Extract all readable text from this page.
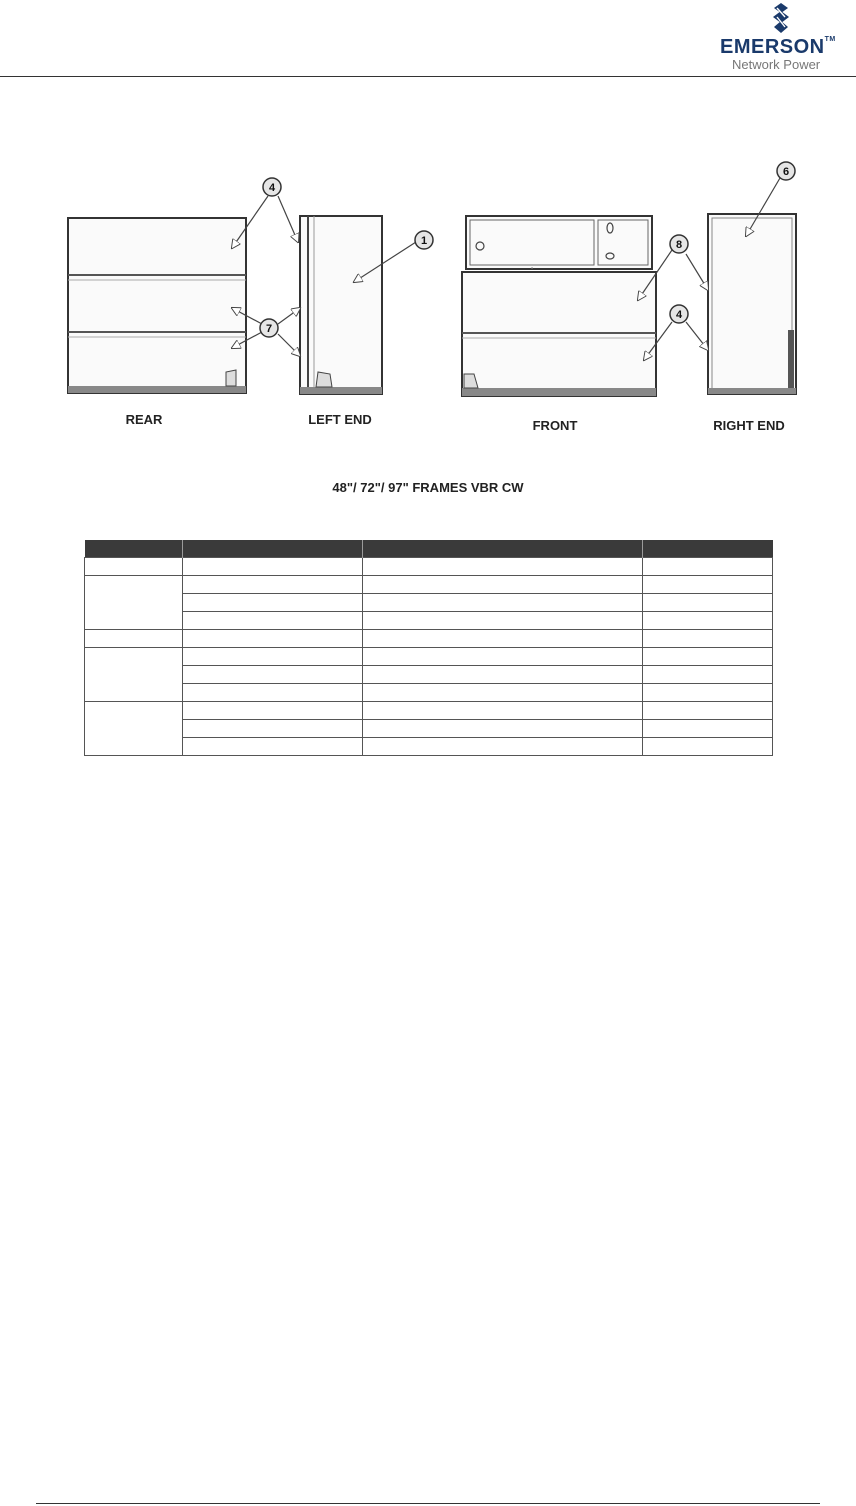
EMERSON™
Network Power
REAR	LEFT END	FRONT	RIGHT END
4
1
7
8
4
6
▪
48"/ 72"/ 97" FRAMES VBR CW
